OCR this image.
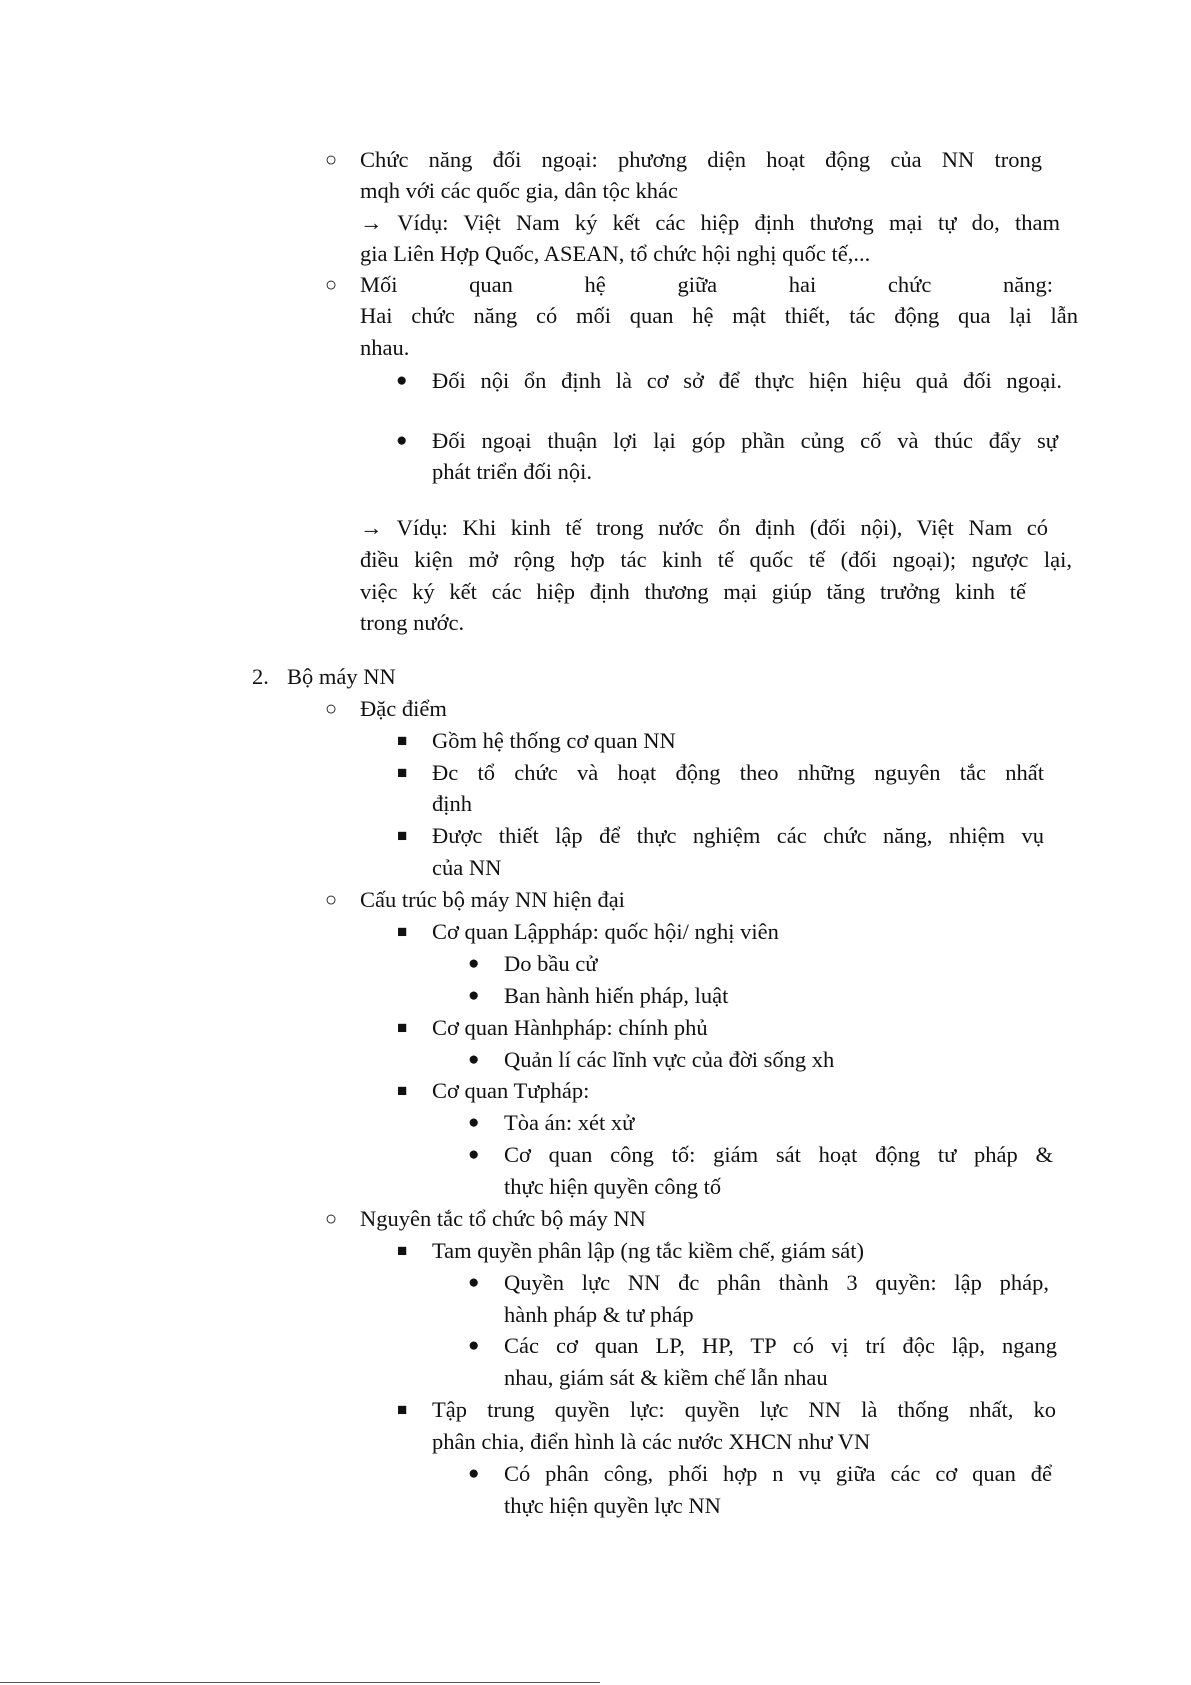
○ Chức năng đối ngoại: phương diện hoạt động của NN trong
mqh với các quốc gia, dân tộc khác
→ Vídụ: Việt Nam ký kết các hiệp định thương mại tự do, tham
gia Liên Hợp Quốc, ASEAN, tổ chức hội nghị quốc tế,...
○ Mối quan hệ giữa hai chức năng:
Hai chức năng có mối quan hệ mật thiết, tác động qua lại lẫn
nhau.
● Đối nội ổn định là cơ sở để thực hiện hiệu quả đối ngoại.
● Đối ngoại thuận lợi lại góp phần củng cố và thúc đẩy sự
phát triển đối nội.
→ Vídụ: Khi kinh tế trong nước ổn định (đối nội), Việt Nam có
điều kiện mở rộng hợp tác kinh tế quốc tế (đối ngoại); ngược lại,
việc ký kết các hiệp định thương mại giúp tăng trưởng kinh tế
trong nước.
2. Bộ máy NN
○ Đặc điểm
■ Gồm hệ thống cơ quan NN
■ Đc tổ chức và hoạt động theo những nguyên tắc nhất
định
■ Được thiết lập để thực nghiệm các chức năng, nhiệm vụ
của NN
○ Cấu trúc bộ máy NN hiện đại
■ Cơ quan Lậppháp: quốc hội/ nghị viên
● Do bầu cử
● Ban hành hiến pháp, luật
■ Cơ quan Hànhpháp: chính phủ
● Quản lí các lĩnh vực của đời sống xh
■ Cơ quan Tưpháp:
● Tòa án: xét xử
● Cơ quan công tố: giám sát hoạt động tư pháp &
thực hiện quyền công tố
○ Nguyên tắc tổ chức bộ máy NN
■ Tam quyền phân lập (ng tắc kiềm chế, giám sát)
● Quyền lực NN đc phân thành 3 quyền: lập pháp,
hành pháp & tư pháp
● Các cơ quan LP, HP, TP có vị trí độc lập, ngang
nhau, giám sát & kiềm chế lẫn nhau
■ Tập trung quyền lực: quyền lực NN là thống nhất, ko
phân chia, điển hình là các nước XHCN như VN
● Có phân công, phối hợp n vụ giữa các cơ quan để
thực hiện quyền lực NN
